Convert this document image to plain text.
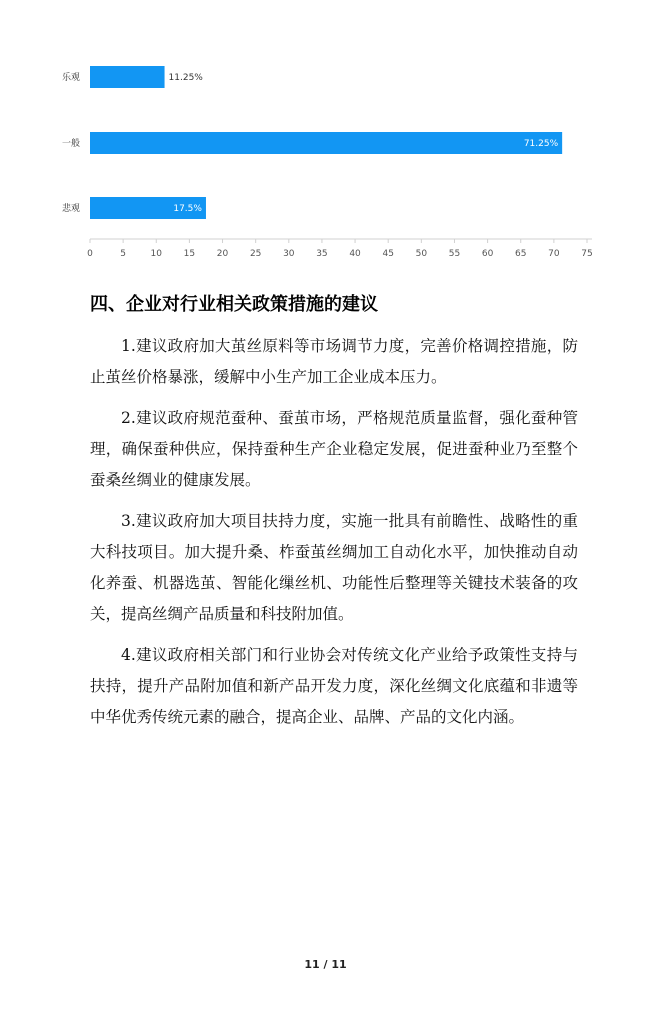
0	5	10 15 20 25 30 35 40 45 50 55 60 65 70 75
乐观	11.25%
一般	71.25%
悲观	17.5%
四、企业对行业相关政策措施的建议

1.建议政府加大茧丝原料等市场调节力度，完善价格调控措施，防止茧丝价格暴涨，缓解中小生产加工企业成本压力。

2.建议政府规范蚕种、蚕茧市场，严格规范质量监督，强化蚕种管理，确保蚕种供应，保持蚕种生产企业稳定发展，促进蚕种业乃至整个蚕桑丝绸业的健康发展。

3.建议政府加大项目扶持力度，实施一批具有前瞻性、战略性的重大科技项目。加大提升桑、柞蚕茧丝绸加工自动化水平，加快推动自动化养蚕、机器选茧、智能化缫丝机、功能性后整理等关键技术装备的攻关，提高丝绸产品质量和科技附加值。

4.建议政府相关部门和行业协会对传统文化产业给予政策性支持与扶持，提升产品附加值和新产品开发力度，深化丝绸文化底蕴和非遗等中华优秀传统元素的融合，提高企业、品牌、产品的文化内涵。

11 / 11
